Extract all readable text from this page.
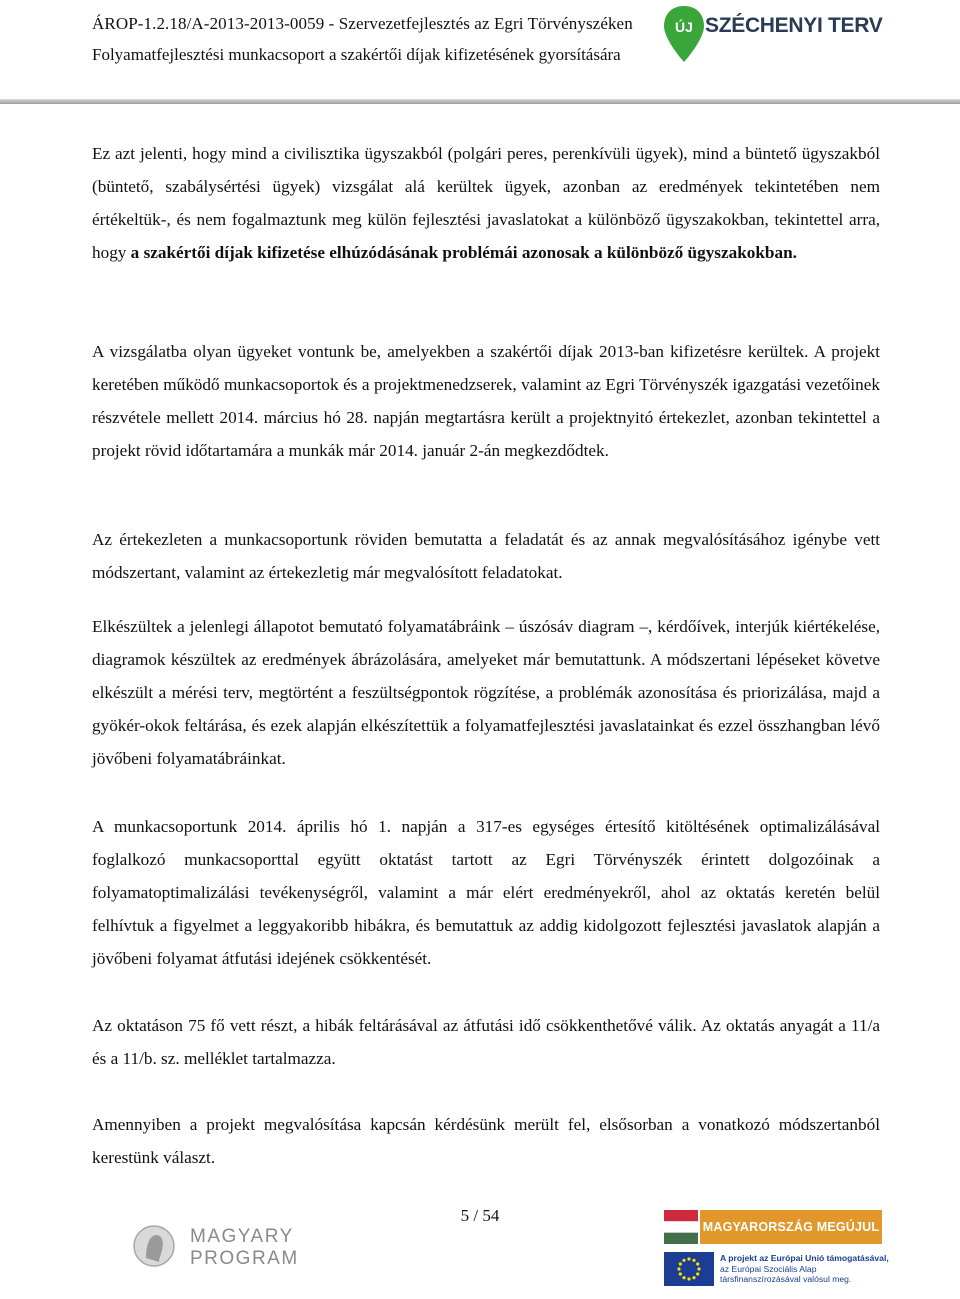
ÁROP-1.2.18/A-2013-2013-0059 - Szervezetfejlesztés az Egri Törvényszéken
Folyamatfejlesztési munkacsoport a szakértői díjak kifizetésének gyorsítására
ÚJ SZÉCHENYI TERV

Ez azt jelenti, hogy mind a civilisztika ügyszakból (polgári peres, perenkívüli ügyek), mind a büntető ügyszakból (büntető, szabálysértési ügyek) vizsgálat alá kerültek ügyek, azonban az eredmények tekintetében nem értékeltük-, és nem fogalmaztunk meg külön fejlesztési javaslatokat a különböző ügyszakokban, tekintettel arra, hogy a szakértői díjak kifizetése elhúzódásának problémái azonosak a különböző ügyszakokban.

A vizsgálatba olyan ügyeket vontunk be, amelyekben a szakértői díjak 2013-ban kifizetésre kerültek. A projekt keretében működő munkacsoportok és a projektmenedzserek, valamint az Egri Törvényszék igazgatási vezetőinek részvétele mellett 2014. március hó 28. napján megtartásra került a projektnyitó értekezlet, azonban tekintettel a projekt rövid időtartamára a munkák már 2014. január 2-án megkezdődtek.

Az értekezleten a munkacsoportunk röviden bemutatta a feladatát és az annak megvalósításához igénybe vett módszertant, valamint az értekezletig már megvalósított feladatokat.

Elkészültek a jelenlegi állapotot bemutató folyamatábráink – úszósáv diagram –, kérdőívek, interjúk kiértékelése, diagramok készültek az eredmények ábrázolására, amelyeket már bemutattunk. A módszertani lépéseket követve elkészült a mérési terv, megtörtént a feszültségpontok rögzítése, a problémák azonosítása és priorizálása, majd a gyökér-okok feltárása, és ezek alapján elkészítettük a folyamatfejlesztési javaslatainkat és ezzel összhangban lévő jövőbeni folyamatábráinkat.

A munkacsoportunk 2014. április hó 1. napján a 317-es egységes értesítő kitöltésének optimalizálásával foglalkozó munkacsoporttal együtt oktatást tartott az Egri Törvényszék érintett dolgozóinak a folyamatoptimalizálási tevékenységről, valamint a már elért eredményekről, ahol az oktatás keretén belül felhívtuk a figyelmet a leggyakoribb hibákra, és bemutattuk az addig kidolgozott fejlesztési javaslatok alapján a jövőbeni folyamat átfutási idejének csökkentését.

Az oktatáson 75 fő vett részt, a hibák feltárásával az átfutási idő csökkenthetővé válik. Az oktatás anyagát a 11/a és a 11/b. sz. melléklet tartalmazza.

Amennyiben a projekt megvalósítása kapcsán kérdésünk merült fel, elsősorban a vonatkozó módszertanból kerestünk választ.

5 / 54
MAGYARY
PROGRAM
MAGYARORSZÁG MEGÚJUL
A projekt az Európai Unió támogatásával,
az Európai Szociális Alap
társfinanszírozásával valósul meg.
